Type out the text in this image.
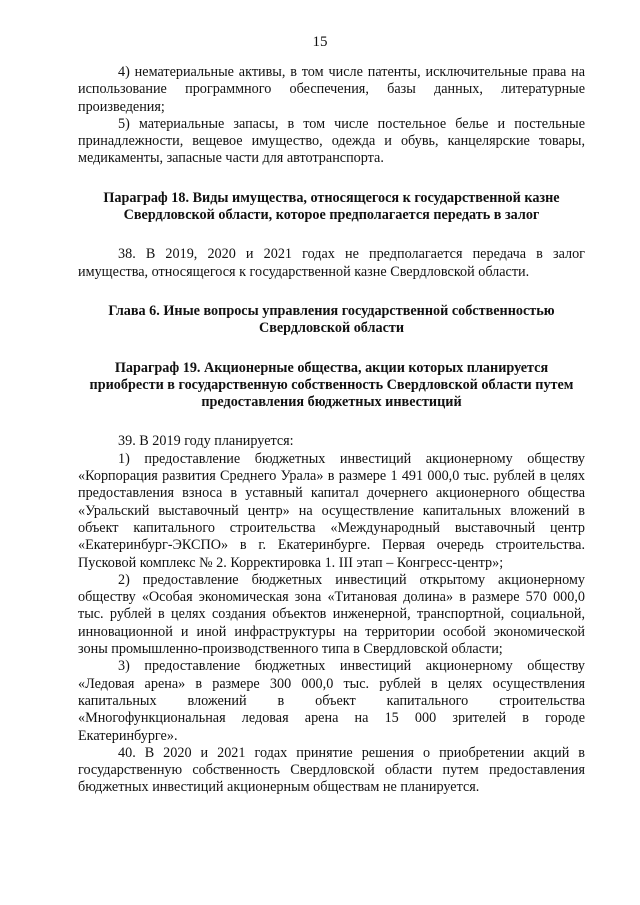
15

4) нематериальные активы, в том числе патенты, исключительные права на использование программного обеспечения, базы данных, литературные произведения;

5) материальные запасы, в том числе постельное белье и постельные принадлежности, вещевое имущество, одежда и обувь, канцелярские товары, медикаменты, запасные части для автотранспорта.

Параграф 18. Виды имущества, относящегося к государственной казне Свердловской области, которое предполагается передать в залог

38. В 2019, 2020 и 2021 годах не предполагается передача в залог имущества, относящегося к государственной казне Свердловской области.

Глава 6. Иные вопросы управления государственной собственностью Свердловской области
Параграф 19. Акционерные общества, акции которых планируется приобрести в государственную собственность Свердловской области путем предоставления бюджетных инвестиций

39. В 2019 году планируется:

1) предоставление бюджетных инвестиций акционерному обществу «Корпорация развития Среднего Урала» в размере 1 491 000,0 тыс. рублей в целях предоставления взноса в уставный капитал дочернего акционерного общества «Уральский выставочный центр» на осуществление капитальных вложений в объект капитального строительства «Международный выставочный центр «Екатеринбург-ЭКСПО» в г. Екатеринбурге. Первая очередь строительства. Пусковой комплекс № 2. Корректировка 1. III этап – Конгресс-центр»;

2) предоставление бюджетных инвестиций открытому акционерному обществу «Особая экономическая зона «Титановая долина» в размере 570 000,0 тыс. рублей в целях создания объектов инженерной, транспортной, социальной, инновационной и иной инфраструктуры на территории особой экономической зоны промышленно-производственного типа в Свердловской области;

3) предоставление бюджетных инвестиций акционерному обществу «Ледовая арена» в размере 300 000,0 тыс. рублей в целях осуществления капитальных вложений в объект капитального строительства «Многофункциональная ледовая арена на 15 000 зрителей в городе Екатеринбурге».

40. В 2020 и 2021 годах принятие решения о приобретении акций в государственную собственность Свердловской области путем предоставления бюджетных инвестиций акционерным обществам не планируется.
